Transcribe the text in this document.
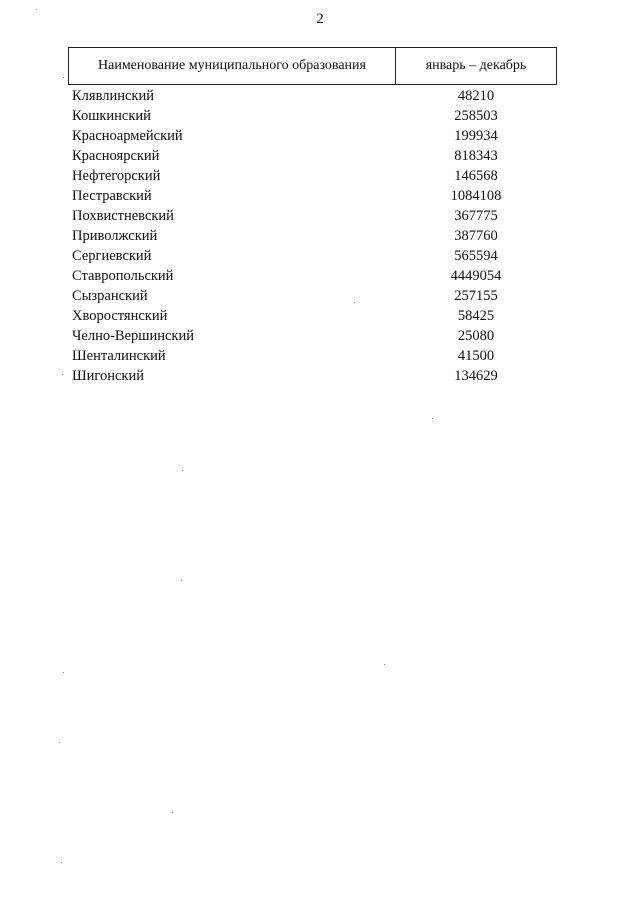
2
Наименование муниципального образования	январь – декабрь
Клявлинский	48210
Кошкинский	258503
Красноармейский	199934
Красноярский	818343
Нефтегорский	146568
Пестравский	1084108
Похвистневский	367775
Приволжский	387760
Сергиевский	565594
Ставропольский	4449054
Сызранский	257155
Хворостянский	58425
Челно-Вершинский	25080
Шенталинский	41500
Шигонский	134629
